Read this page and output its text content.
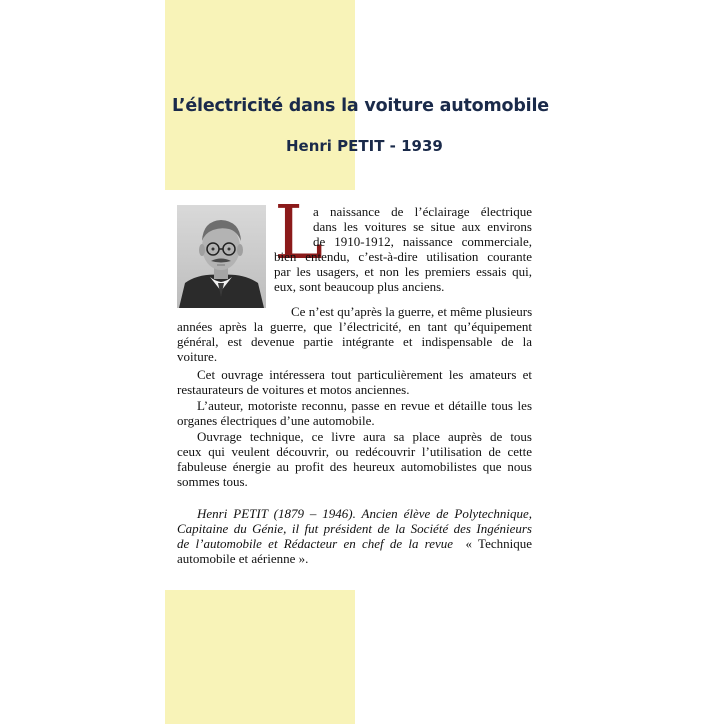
L’électricité dans la voiture automobile
Henri PETIT - 1939
L
a naissance de l’éclairage électrique
dans les voitures se situe aux environs
de 1910-1912, naissance commerciale,
bien entendu, c’est-à-dire utilisation courante
par les usagers, et non les premiers essais qui,
eux, sont beaucoup plus anciens.
Ce n’est qu’après la guerre, et même plusieurs
années après la guerre, que l’électricité, en tant qu’équipement
général, est devenue partie intégrante et indispensable de la
voiture.
Cet ouvrage intéressera tout particulièrement les amateurs et
restaurateurs de voitures et motos anciennes.
L’auteur, motoriste reconnu, passe en revue et détaille tous les
organes électriques d’une automobile.
Ouvrage technique, ce livre aura sa place auprès de tous
ceux qui veulent découvrir, ou redécouvrir l’utilisation de cette
fabuleuse énergie au profit des heureux automobilistes que nous
sommes tous.
Henri PETIT (1879 – 1946). Ancien élève de Polytechnique,
Capitaine du Génie, il fut président de la Société des Ingénieurs
de l’automobile et Rédacteur en chef de la revue « Technique
automobile et aérienne ».
